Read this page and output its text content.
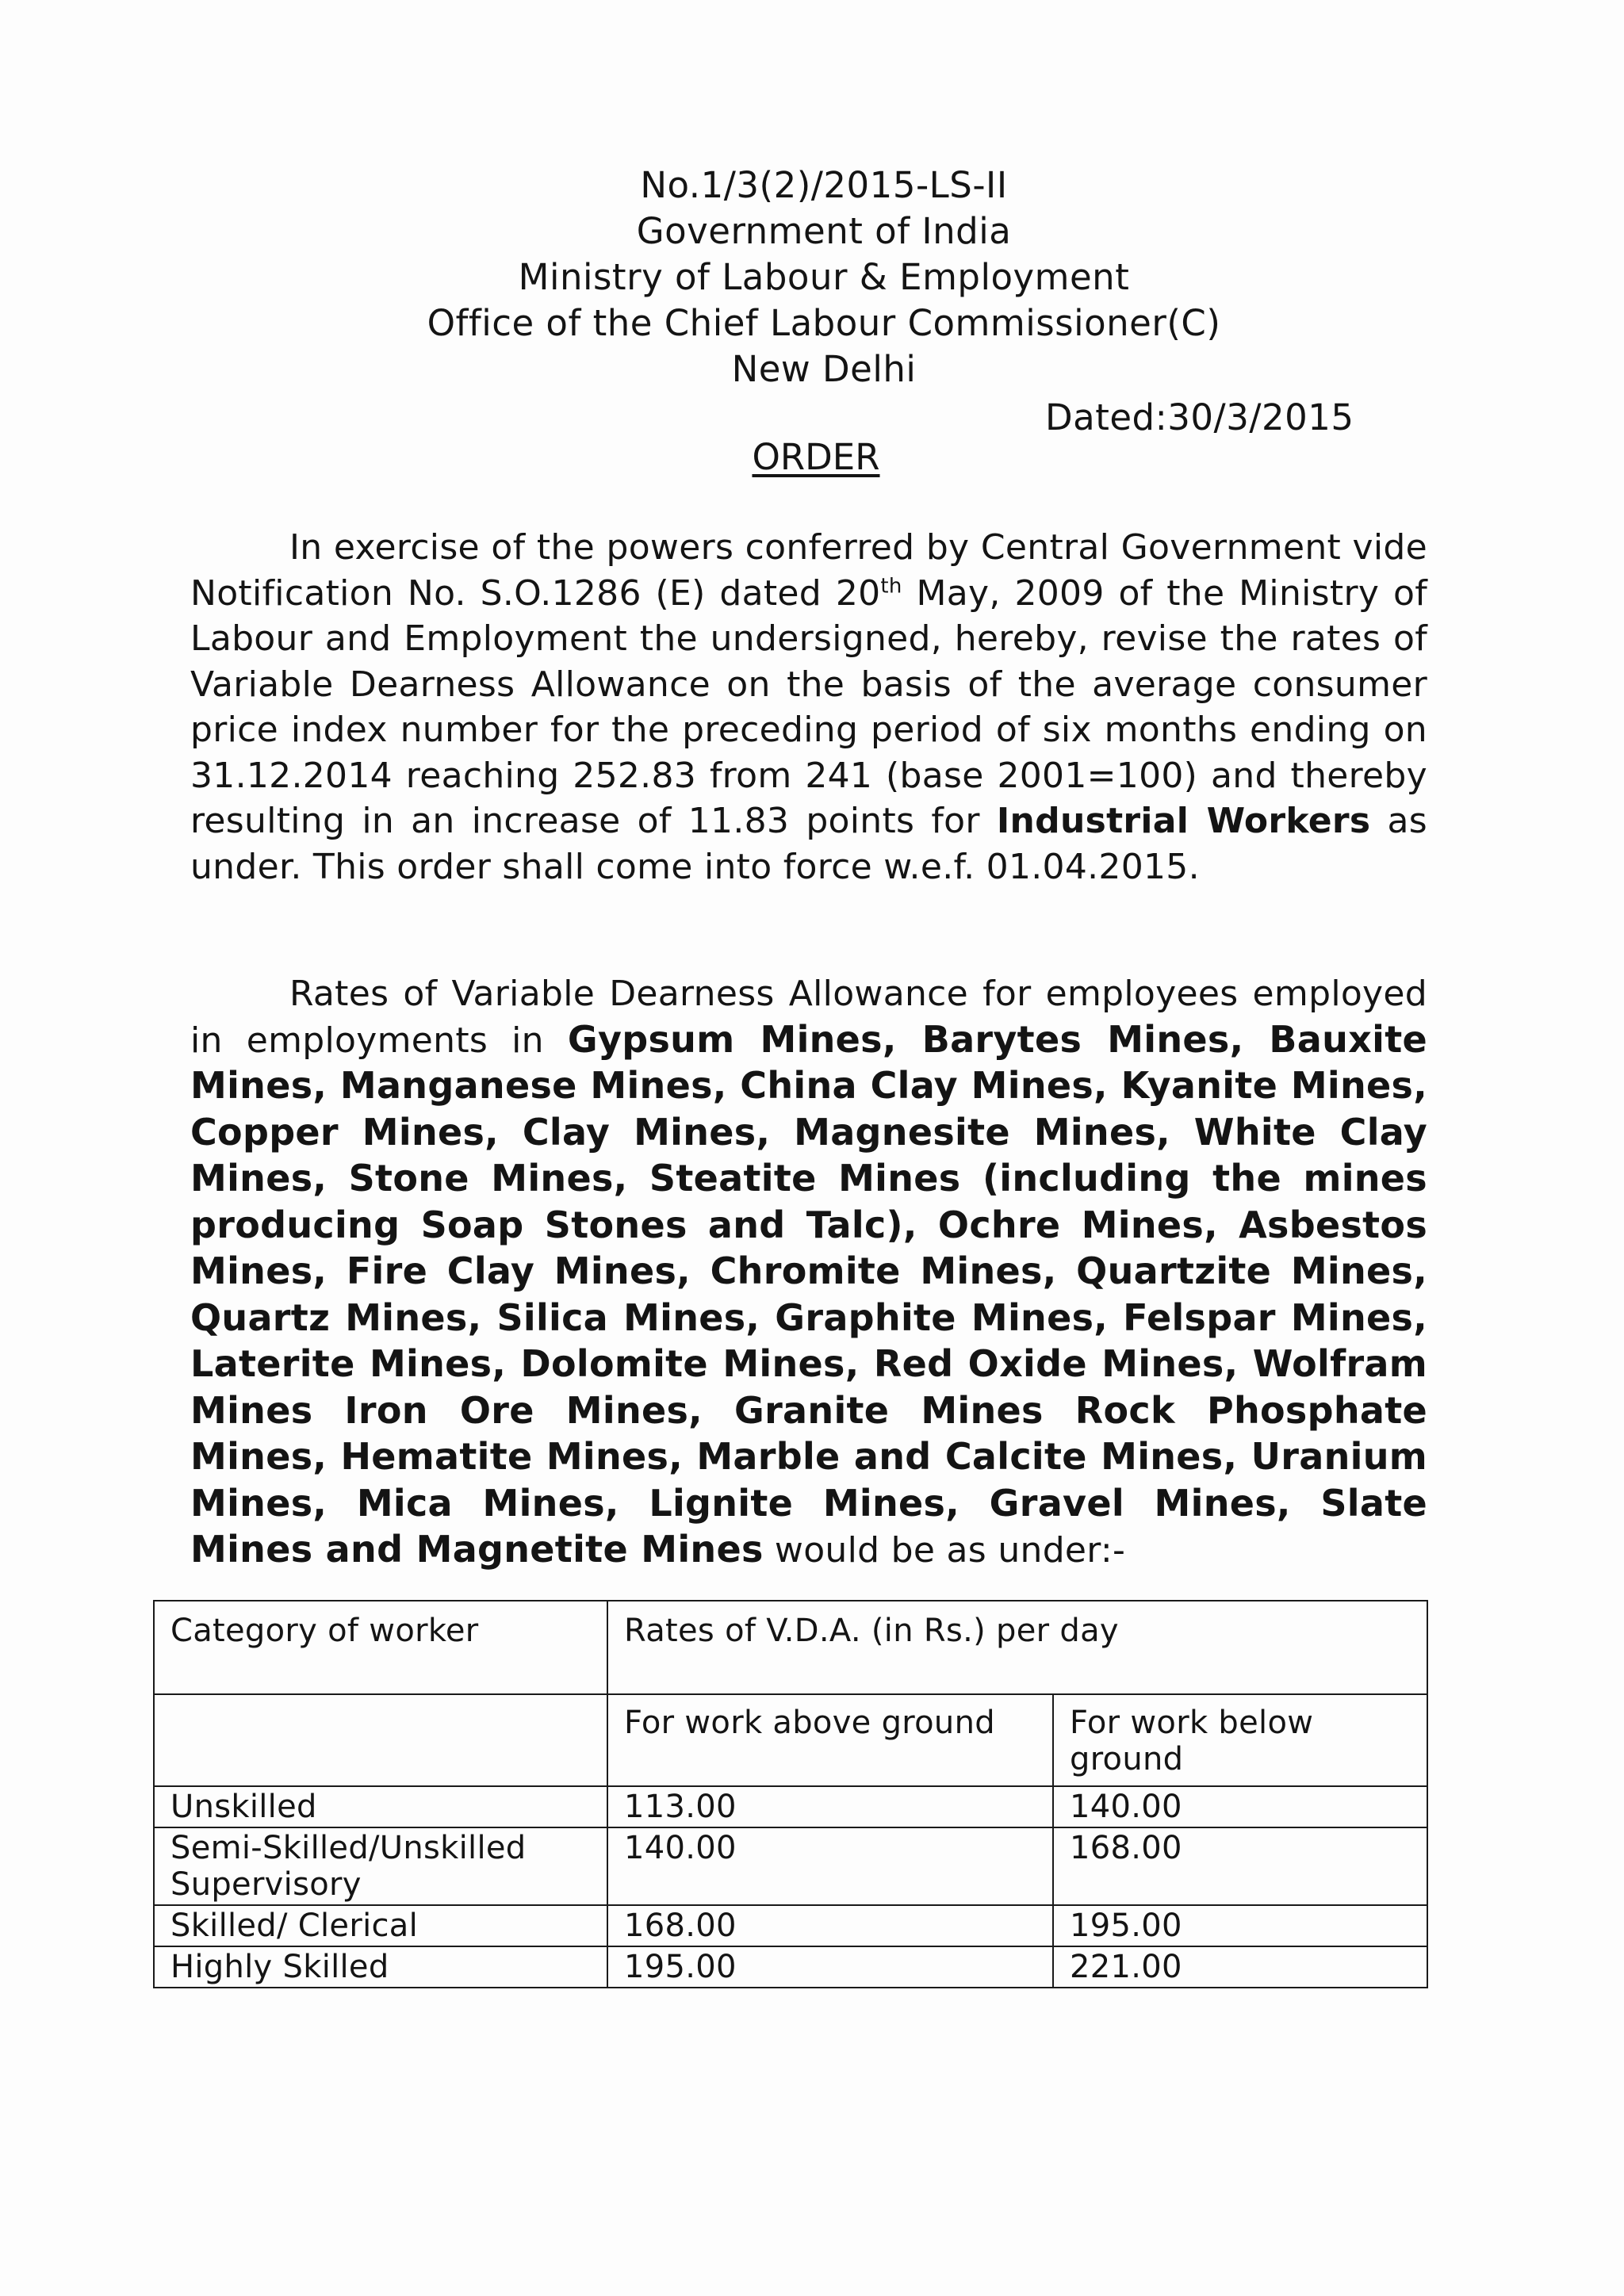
No.1/3(2)/2015-LS-II
Government of India
Ministry of Labour & Employment
Office of the Chief Labour Commissioner(C)
New Delhi
Dated:30/3/2015
ORDER
In exercise of the powers conferred by Central Government vide Notification No. S.O.1286 (E) dated 20th May, 2009 of the Ministry of Labour and Employment the undersigned, hereby, revise the rates of Variable Dearness Allowance on the basis of the average consumer price index number for the preceding period of six months ending on 31.12.2014 reaching 252.83 from 241 (base 2001=100) and thereby resulting in an increase of 11.83 points for Industrial Workers as under. This order shall come into force w.e.f. 01.04.2015.
Rates of Variable Dearness Allowance for employees employed in employments in Gypsum Mines, Barytes Mines, Bauxite Mines, Manganese Mines, China Clay Mines, Kyanite Mines, Copper Mines, Clay Mines, Magnesite Mines, White Clay Mines, Stone Mines, Steatite Mines (including the mines producing Soap Stones and Talc), Ochre Mines, Asbestos Mines, Fire Clay Mines, Chromite Mines, Quartzite Mines, Quartz Mines, Silica Mines, Graphite Mines, Felspar Mines, Laterite Mines, Dolomite Mines, Red Oxide Mines, Wolfram Mines Iron Ore Mines, Granite Mines Rock Phosphate Mines, Hematite Mines, Marble and Calcite Mines, Uranium Mines, Mica Mines, Lignite Mines, Gravel Mines, Slate Mines and Magnetite Mines would be as under:-
Category of worker	Rates of V.D.A. (in Rs.) per day	
	For work above ground	For work below ground
Unskilled	113.00	140.00
Semi-Skilled/Unskilled Supervisory	140.00	168.00
Skilled/ Clerical	168.00	195.00
Highly Skilled	195.00	221.00
